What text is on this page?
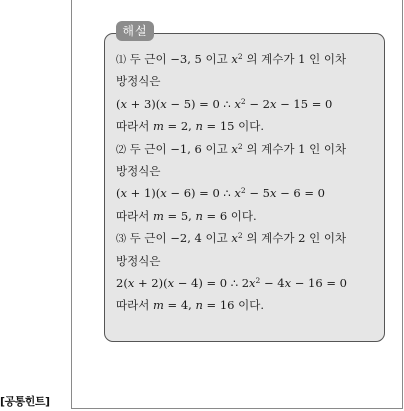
[공통힌트]
해설
⑴ 두 근이 −3, 5 이고 $x^2$ 의 계수가 1 인 이차
방정식은
(x + 3)(x − 5) = 0 ∴ $x^2 - 2x - 15 = 0$
따라서 m = 2, n = 15 이다.
⑵ 두 근이 −1, 6 이고 $x^2$ 의 계수가 1 인 이차
방정식은
(x + 1)(x − 6) = 0 ∴ $x^2 - 5x - 6 = 0$
따라서 m = 5, n = 6 이다.
⑶ 두 근이 −2, 4 이고 $x^2$ 의 계수가 2 인 이차
방정식은
2(x + 2)(x − 4) = 0 ∴ $2x^2 - 4x - 16 = 0$
따라서 m = 4, n = 16 이다.
